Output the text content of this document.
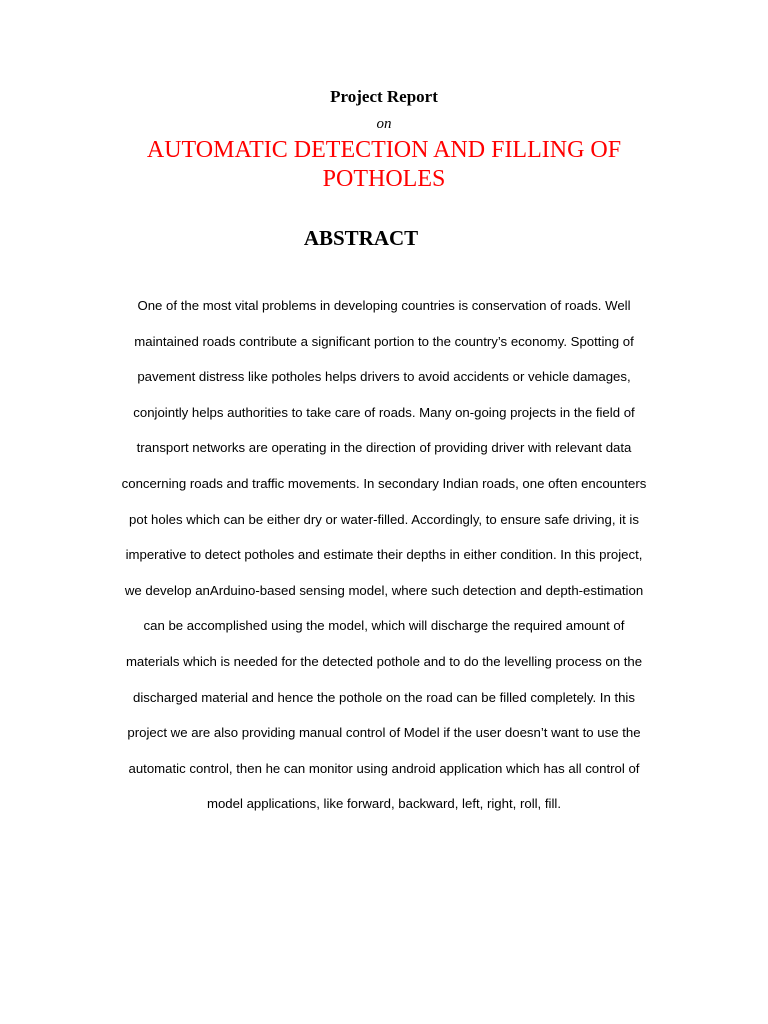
Project Report
on
AUTOMATIC DETECTION AND FILLING OF POTHOLES
ABSTRACT
One of the most vital problems in developing countries is conservation of roads. Well
maintained roads contribute a significant portion to the country’s economy. Spotting of
pavement distress like potholes helps drivers to avoid accidents or vehicle damages,
conjointly helps authorities to take care of roads. Many on-going projects in the field of
transport networks are operating in the direction of providing driver with relevant data
concerning roads and traffic movements. In secondary Indian roads, one often encounters
pot holes which can be either dry or water-filled. Accordingly, to ensure safe driving, it is
imperative to detect potholes and estimate their depths in either condition. In this project,
we develop anArduino-based sensing model, where such detection and depth-estimation
can be accomplished using the model, which will discharge the required amount of
materials which is needed for the detected pothole and to do the levelling process on the
discharged material and hence the pothole on the road can be filled completely. In this
project we are also providing manual control of Model if the user doesn’t want to use the
automatic control, then he can monitor using android application which has all control of
model applications, like forward, backward, left, right, roll, fill.
